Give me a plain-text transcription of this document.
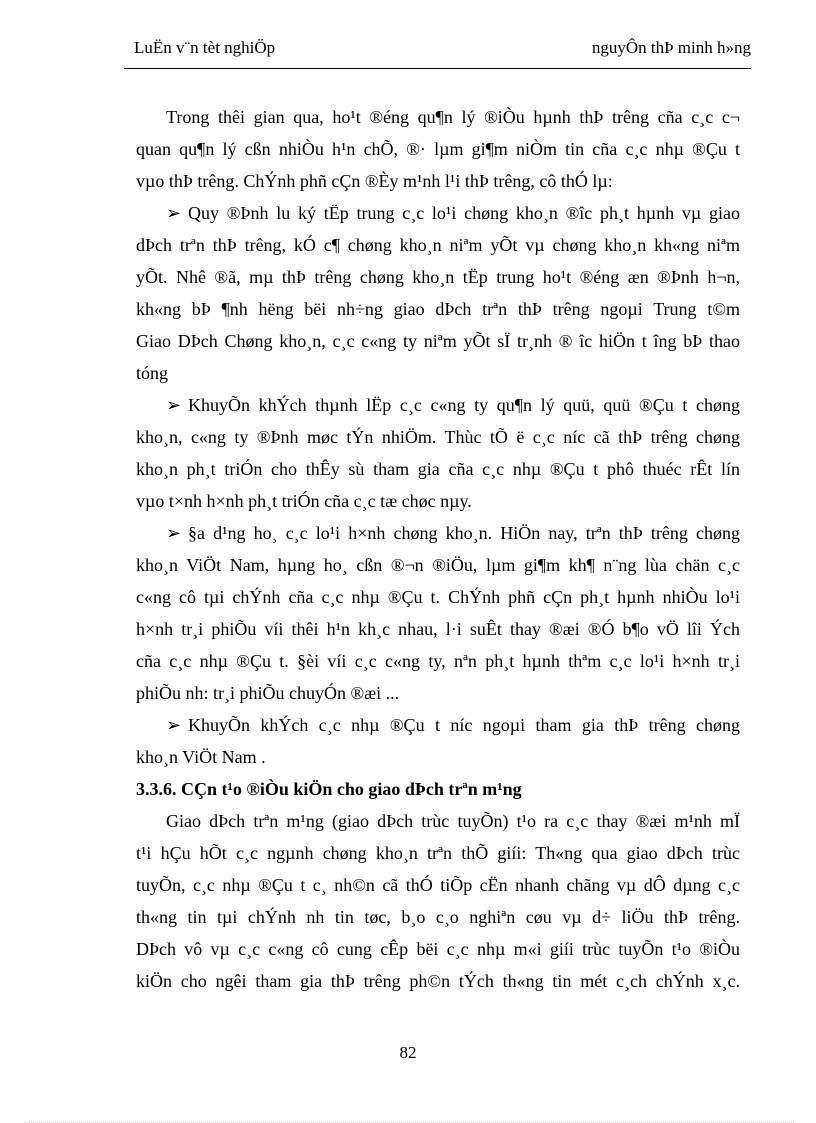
LuËn v¨n tèt nghiÖp	nguyÔn thÞ minh h»ng
Trong thêi gian qua, ho¹t ®éng qu¶n lý ®iÒu hµnh thÞ trêng cña c¸c c¬
quan qu¶n lý cßn nhiÒu h¹n chÕ, ®· lµm gi¶m niÒm tin cña c¸c nhµ ®Çu t
vµo thÞ trêng. ChÝnh phñ cÇn ®Èy m¹nh l¹i thÞ trêng, cô thÓ lµ:
➢ Quy ®Þnh lu ký tËp trung c¸c lo¹i chøng kho¸n ®îc ph¸t hµnh vµ giao
dÞch trªn thÞ trêng, kÓ c¶ chøng kho¸n niªm yÕt vµ chøng kho¸n kh«ng niªm
yÕt. Nhê ®ã, mµ thÞ trêng chøng kho¸n tËp trung ho¹t ®éng æn ®Þnh h¬n,
kh«ng bÞ ¶nh hëng bëi nh÷ng giao dÞch trªn thÞ trêng ngoµi Trung t©m
Giao DÞch Chøng kho¸n, c¸c c«ng ty niªm yÕt sÏ tr¸nh ® îc hiÖn t îng bÞ thao
tóng
➢ KhuyÕn khÝch thµnh lËp c¸c c«ng ty qu¶n lý quü, quü ®Çu t chøng
kho¸n, c«ng ty ®Þnh møc tÝn nhiÖm. Thùc tÕ ë c¸c níc cã thÞ trêng chøng
kho¸n ph¸t triÓn cho thÊy sù tham gia cña c¸c nhµ ®Çu t phô thuéc rÊt lín
vµo t×nh h×nh ph¸t triÓn cña c¸c tæ chøc nµy.
➢ §a d¹ng ho¸ c¸c lo¹i h×nh chøng kho¸n. HiÖn nay, trªn thÞ trêng chøng
kho¸n ViÖt Nam, hµng ho¸ cßn ®¬n ®iÖu, lµm gi¶m kh¶ n¨ng lùa chän c¸c
c«ng cô tµi chÝnh cña c¸c nhµ ®Çu t. ChÝnh phñ cÇn ph¸t hµnh nhiÒu lo¹i
h×nh tr¸i phiÕu víi thêi h¹n kh¸c nhau, l·i suÊt thay ®æi ®Ó b¶o vÖ lîi Ých
cña c¸c nhµ ®Çu t. §èi víi c¸c c«ng ty, nªn ph¸t hµnh thªm c¸c lo¹i h×nh tr¸i
phiÕu nh: tr¸i phiÕu chuyÓn ®æi ...
➢ KhuyÕn khÝch c¸c nhµ ®Çu t níc ngoµi tham gia thÞ trêng chøng
kho¸n ViÖt Nam .
3.3.6. CÇn t¹o ®iÒu kiÖn cho giao dÞch trªn m¹ng
Giao dÞch trªn m¹ng (giao dÞch trùc tuyÕn) t¹o ra c¸c thay ®æi m¹nh mÏ
t¹i hÇu hÕt c¸c ngµnh chøng kho¸n trªn thÕ giíi: Th«ng qua giao dÞch trùc
tuyÕn, c¸c nhµ ®Çu t c¸ nh©n cã thÓ tiÕp cËn nhanh chãng vµ dÔ dµng c¸c
th«ng tin tµi chÝnh nh tin tøc, b¸o c¸o nghiªn cøu vµ d÷ liÖu thÞ trêng.
DÞch vô vµ c¸c c«ng cô cung cÊp bëi c¸c nhµ m«i giíi trùc tuyÕn t¹o ®iÒu
kiÖn cho ngêi tham gia thÞ trêng ph©n tÝch th«ng tin mét c¸ch chÝnh x¸c.
82
